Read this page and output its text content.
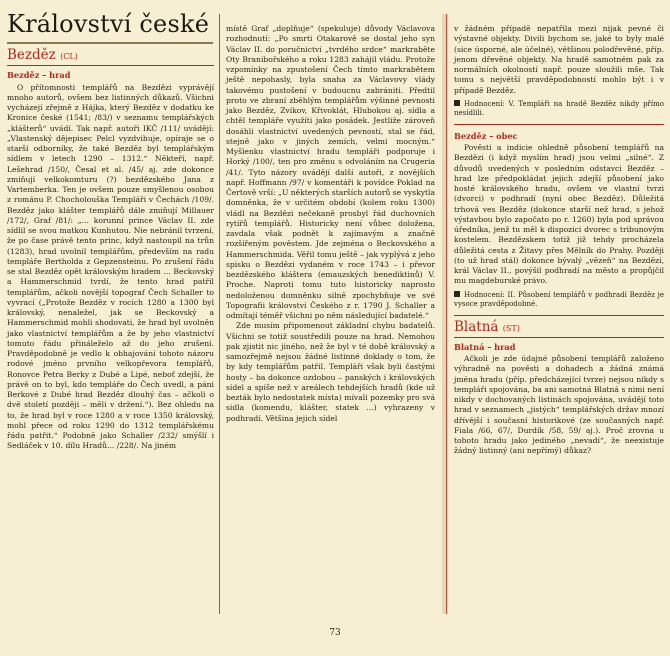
Království české
Bezděz (CL)
Bezděz – hrad

O přítomnosti templářů na Bezdězi vyprávějí mnoho autorů, ovšem bez listinných důkazů. Všichni vycházejí zřejmě z Hájka, který Bezděz v dodatku ke Kronice české (1541; /83/) v seznamu templářských „klášterů“ uvádí. Tak např. autoři IKČ /111/ uvádějí: „Vlastenský dějepisec Pelcl vyzdvihuje, opíraje se o starší odborníky, že také Bezděz byl templářským sídlem v letech 1290 – 1312.“ Někteří, např. Lešehrad /150/, Česal et al. /45/ aj. zde dokonce zmiňují velkokomturu (?) bezdězského Jana z Vartemberka. Ten je ovšem pouze smyšlenou osobou z románu P. Chocholouška Templáři v Čechách /109/. Bezděz jako klášter templářů dále zmiňují Millauer /172/, Graf /81/: „... korunní prince Václav II. zde sídlil se svou matkou Kunhutou. Nie nebránil tvrzení, že po čase právě tento princ, když nastoupil na trůn (1283), hrad uvolnil templářům, především na radu templáře Bertholda z Gepzensteinu. Po zrušení řádu se stal Bezděz opět královským hradem ... Beckovský a Hammerschmid tvrdí, že tento hrad patřil templářům, ačkoli novější topograf Čech Schaller to vyvrací („Protože Bezděz v rocích 1280 a 1300 byl královský, nenaležel, jak se Beckovský a Hammerschmid mohli shodovati, že hrad byl uvolněn jako vlastnictví templářům a že by jeho vlastnictví tomuto řádu přináleželo až do jeho zrušení. Pravděpodobně je vedlo k obhajování tohoto názoru rodové jméno prvního velkopřevora templářů, Ronovce Petra Berky z Dubé a Lipé, neboť zdejší, že právě on to byl, kdo templáře do Čech uvedl, a páni Berkové z Dubé hrad Bezděz dlouhý čas – ačkoli o dvě století později – měli v držení.“). Bez ohledu na to, že hrad byl v roce 1280 a v roce 1350 královský, mohl přece od roku 1290 do 1312 templářskému řádu patřit.“ Podobně jako Schaller /232/ smýšlí i Sedláček v 10. dílu Hradů... /228/. Na jiném

místě Graf „doplňuje“ (spekuluje) důvody Václavova rozhodnutí: „Po smrti Otakarově se dostal jeho syn Václav II. do poručnictví „tvrdého srdce“ markraběte Oty Branibořského a roku 1283 zahájil vládu. Protože vzpomínky na zpustošení Čech tímto markrabětem ještě nepohasly, byla snaha za Václavovy vlády takovému pustošení v budoucnu zabrániti. Předtil proto ve zbraní zběhlým templářům výšinné pevnosti jako Bezděz, Zvíkov, Křivoklát, Hlubokou aj. sídla a chtěl templáře využíti jako posádek. Jestliže zároveň dosáhli vlastnictví uvedených pevností, stal se řád, stejně jako v jiných zemích, velmi mocným.“ Myšlenku vlastnictví hradu templáři podporuje i Horký /100/, ten pro změnu s odvoláním na Crugeria /41/. Tyto názory uvádějí další autoři, z novějších např. Hoffmann /97/ v komentáři k povídce Poklad na Čertově vrší: „U některých starších autorů se vyskytla domněnka, že v určitém období (kolem roku 1300) vládl na Bezdězi nečekaně prosbyl řád duchovních rytířů templářů. Historicky není vůbec doložena, zavdala však podnět k zajímavým a značně rozšířeným pověstem. Jde zejména o Beckovského a Hammerschmida. Věřil tomu ještě – jak vyplývá z jeho spisku o Bezdězi vydaném v roce 1743 – i převor bezdězského kláštera (emauzských benediktinů) V. Proche. Naproti tomu tuto historicky naprosto nedoloženou domněnku silně zpochybňuje ve své Topografii království Českého z r. 1790 J. Schaller a odmítají téměř všichni po něm následující badatelé.“

Zde musím připomenout základní chybu badatelů. Všichni se totiž soustředili pouze na hrad. Nemohou pak zjistit nic jiného, než že byl v té době královský a samozřejmě nejsou žádné listinné doklady o tom, že by kdy templářům patřil. Templáři však byli častými hosty – ba dokonce ozdobou – panských i královských sídel a spíše než v areálech tehdejších hradů (kde už bezták bylo nedostatek místa) mívali pozemky pro svá sídla (komendu, klášter, statek ...) vyhrazeny v podhradí. Většina jejich sídel

v žádném případě nepatřila mezi nijak pevné či výstavné objekty. Divili bychom se, jaké to byly malé (sice úsporné, ale účelné), většinou polodřevěné, příp. jenom dřevěné objekty. Na hradě samotném pak za normálních okolností např. pouze sloužili mše. Tak tomu s největší pravděpodobností mohlo být i v případě Bezděz.

Hodnocení: V. Templáři na hradě Bezděz nikdy přímo nesídlili.
Bezděz – obec

Pověsti a indicie ohledně působení templářů na Bezdězi (i když myslím hrad) jsou velmi „silné“. Z důvodů uvedených v posledním odstavci Bezděz – hrad lze předpokládat jejich zdejší působení jako hosté královského hradu, ovšem ve vlastní tvrzi (dvorci) v podhradí (nyní obec Bezděz). Důležitá trhová ves Bezděz (dokonce starší než hrad, s jehož výstavbou bylo započato po r. 1260) byla pod správou úředníka, jenž tu měl k dispozici dvorec s tribunovým kostelem. Bezdězskem totiž již tehdy procházela důležitá cesta z Žitavy přes Mělník do Prahy. Později (to už hrad stál) dokonce bývalý „vězeň“ na Bezdězi, král Václav II., povýšil podhradí na město a propůjčil mu magdeburské právo.

Hodnocení: II. Působení templářů v podhradí Bezděz je vysoce pravděpodobné.
Blatná (ST)
Blatná – hrad

Ačkoli je zde údajné působení templářů založeno výhradně na pověsti a dohadech a žádná známá jména hradu (příp. předcházející tvrze) nejsou nikdy s templáři spojována, ba ani samotná Blatná s nimi není nikdy v dochovaných listinách spojována, uvádějí toto hrad v seznamech „jistých“ templářských držav mnozí dřívější i současní historikové (ze současných např. Fiala /66, 67/, Durdík /58, 59/ aj.). Proč zrovna u tohoto hradu jako jediného „nevadí“, že neexistuje žádný listinný (ani nepřímý) důkaz?

73
